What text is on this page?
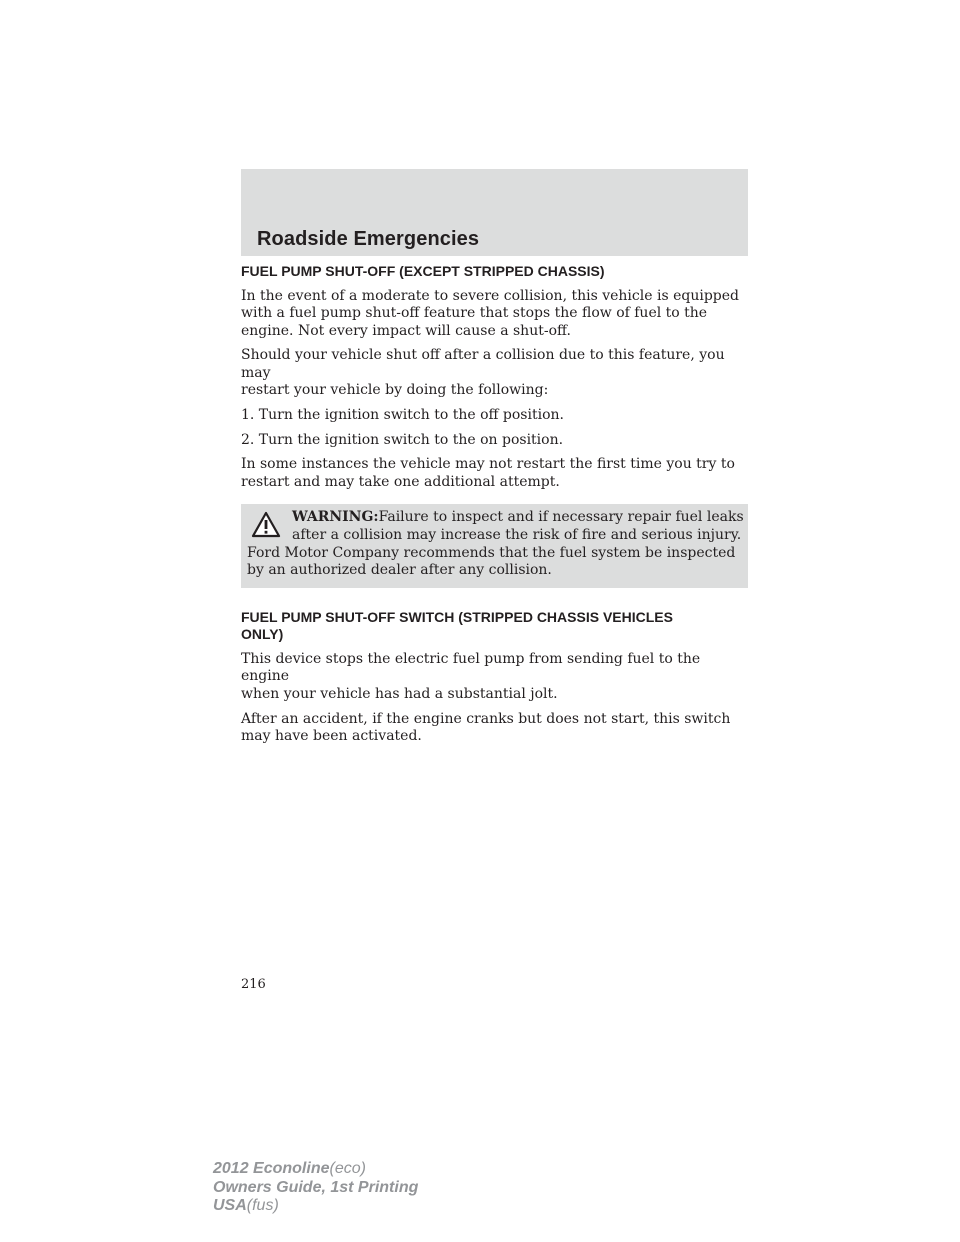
Roadside Emergencies
FUEL PUMP SHUT-OFF (EXCEPT STRIPPED CHASSIS)
In the event of a moderate to severe collision, this vehicle is equipped
with a fuel pump shut-off feature that stops the flow of fuel to the
engine. Not every impact will cause a shut-off.
Should your vehicle shut off after a collision due to this feature, you may
restart your vehicle by doing the following:
1. Turn the ignition switch to the off position.
2. Turn the ignition switch to the on position.
In some instances the vehicle may not restart the first time you try to
restart and may take one additional attempt.
WARNING:Failure to inspect and if necessary repair fuel leaks
after a collision may increase the risk of fire and serious injury.
Ford Motor Company recommends that the fuel system be inspected
by an authorized dealer after any collision.
FUEL PUMP SHUT-OFF SWITCH (STRIPPED CHASSIS VEHICLES
ONLY)
This device stops the electric fuel pump from sending fuel to the engine
when your vehicle has had a substantial jolt.
After an accident, if the engine cranks but does not start, this switch
may have been activated.
216
2012 Econoline(eco)
Owners Guide, 1st Printing
USA(fus)
